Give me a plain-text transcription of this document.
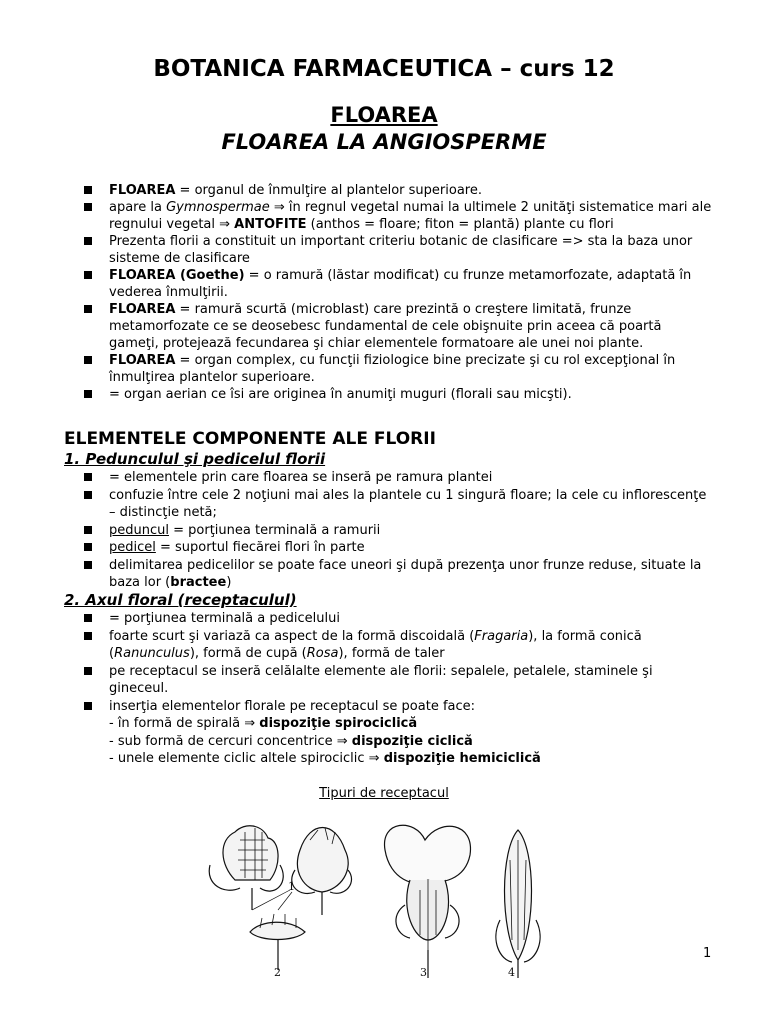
BOTANICA FARMACEUTICA – curs 12
FLOAREA
FLOAREA LA ANGIOSPERME
FLOAREA = organul de înmulţire al plantelor superioare.
apare la Gymnospermae ⇒ în regnul vegetal numai la ultimele 2 unităţi sistematice mari ale regnului vegetal ⇒ ANTOFITE (anthos = floare; fiton = plantă) plante cu flori
Prezenta florii a constituit un important criteriu botanic de clasificare => sta la baza unor sisteme de clasificare
FLOAREA (Goethe) = o ramură (lăstar modificat) cu frunze metamorfozate, adaptată în vederea înmulţirii.
FLOAREA = ramură scurtă (microblast) care prezintă o creştere limitată, frunze metamorfozate ce se deosebesc fundamental de cele obişnuite prin aceea că poartă gameţi, protejează fecundarea şi chiar elementele formatoare ale unei noi plante.
FLOAREA = organ complex, cu funcţii fiziologice bine precizate şi cu rol excepţional în înmulţirea plantelor superioare.
= organ aerian ce îsi are originea în anumiţi muguri (florali sau micşti).
ELEMENTELE COMPONENTE ALE FLORII
1. Pedunculul şi pedicelul florii
= elementele prin care floarea se inseră pe ramura plantei
confuzie între cele 2 noţiuni mai ales la plantele cu 1 singură floare; la cele cu inflorescenţe – distincţie netă;
peduncul = porţiunea terminală a ramurii
pedicel = suportul fiecărei flori în parte
delimitarea pedicelilor se poate face uneori şi după prezenţa unor frunze reduse, situate la baza lor (bractee)
2. Axul floral (receptaculul)
= porţiunea terminală a pedicelului
foarte scurt şi variază ca aspect de la formă discoidală (Fragaria), la formă conică (Ranunculus), formă de cupă (Rosa), formă de taler
pe receptacul se inseră celălalte elemente ale florii: sepalele, petalele, staminele şi gineceul.
inserţia elementelor florale pe receptacul se poate face:
- în formă de spirală ⇒ dispoziţie spirociclică
- sub formă de cercuri concentrice ⇒ dispoziţie ciclică
- unele elemente ciclic altele spirociclic ⇒ dispoziţie hemiciclică
Tipuri de receptacul
1
2	3	4
1
